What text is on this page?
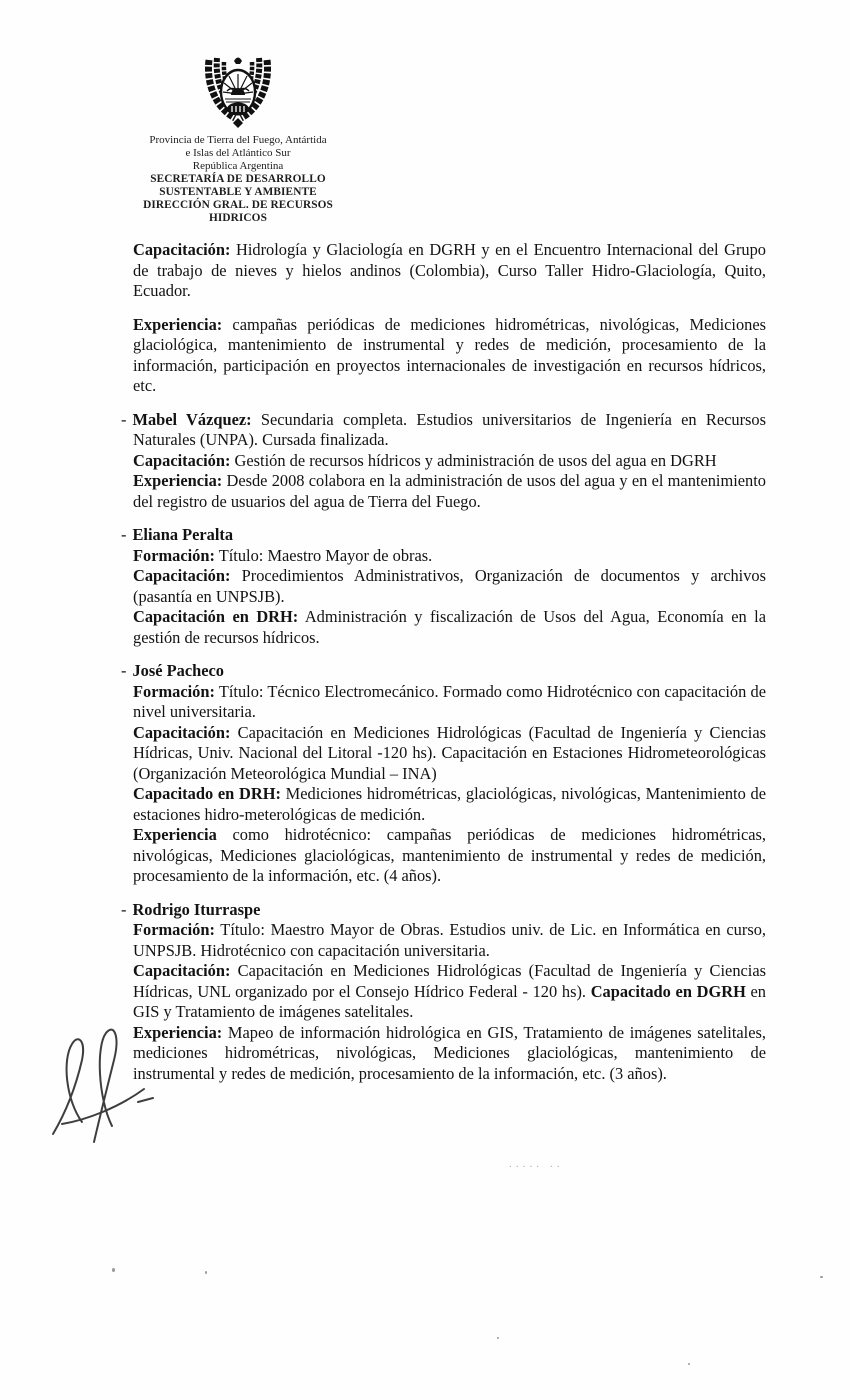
Provincia de Tierra del Fuego, Antártida
e Islas del Atlántico Sur
República Argentina
SECRETARÍA DE DESARROLLO
SUSTENTABLE Y AMBIENTE
DIRECCIÓN GRAL. DE RECURSOS
HIDRICOS

Capacitación: Hidrología y Glaciología en DGRH y en el Encuentro Internacional del Grupo de trabajo de nieves y hielos andinos (Colombia), Curso Taller Hidro-Glaciología, Quito, Ecuador.

Experiencia: campañas periódicas de mediciones hidrométricas, nivológicas, Mediciones glaciológica, mantenimiento de instrumental y redes de medición, procesamiento de la información, participación en proyectos internacionales de investigación en recursos hídricos, etc.

- Mabel Vázquez: Secundaria completa. Estudios universitarios de Ingeniería en Recursos Naturales (UNPA). Cursada finalizada.

Capacitación: Gestión de recursos hídricos y administración de usos del agua en DGRH

Experiencia: Desde 2008 colabora en la administración de usos del agua y en el mantenimiento del registro de usuarios del agua de Tierra del Fuego.

- Eliana Peralta

Formación: Título: Maestro Mayor de obras.

Capacitación: Procedimientos Administrativos, Organización de documentos y archivos (pasantía en UNPSJB).

Capacitación en DRH: Administración y fiscalización de Usos del Agua, Economía en la gestión de recursos hídricos.

- José Pacheco

Formación: Título: Técnico Electromecánico. Formado como Hidrotécnico con capacitación de nivel universitaria.

Capacitación: Capacitación en Mediciones Hidrológicas (Facultad de Ingeniería y Ciencias Hídricas, Univ. Nacional del Litoral -120 hs). Capacitación en Estaciones Hidrometeorológicas (Organización Meteorológica Mundial – INA)

Capacitado en DRH: Mediciones hidrométricas, glaciológicas, nivológicas, Mantenimiento de estaciones hidro-meterológicas de medición.

Experiencia como hidrotécnico: campañas periódicas de mediciones hidrométricas, nivológicas, Mediciones glaciológicas, mantenimiento de instrumental y redes de medición, procesamiento de la información, etc. (4 años).

- Rodrigo Iturraspe

Formación: Título: Maestro Mayor de Obras. Estudios univ. de Lic. en Informática en curso, UNPSJB. Hidrotécnico con capacitación universitaria.

Capacitación: Capacitación en Mediciones Hidrológicas (Facultad de Ingeniería y Ciencias Hídricas, UNL organizado por el Consejo Hídrico Federal - 120 hs). Capacitado en DGRH en GIS y Tratamiento de imágenes satelitales.

Experiencia: Mapeo de información hidrológica en GIS, Tratamiento de imágenes satelitales, mediciones hidrométricas, nivológicas, Mediciones glaciológicas, mantenimiento de instrumental y redes de medición, procesamiento de la información, etc. (3 años).

····· ··
